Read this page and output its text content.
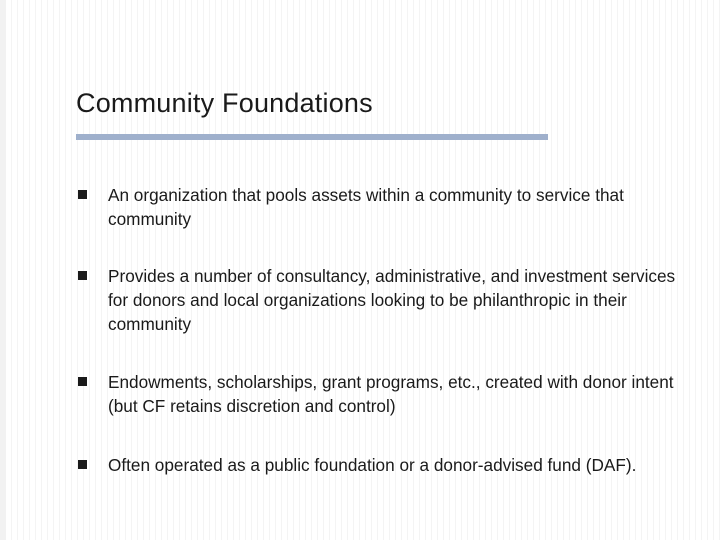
Community Foundations
An organization that pools assets within a community to service that community
Provides a number of consultancy, administrative, and investment services for donors and local organizations looking to be philanthropic in their community
Endowments, scholarships, grant programs, etc., created with donor intent (but CF retains discretion and control)
Often operated as a public foundation or a donor-advised fund (DAF).
